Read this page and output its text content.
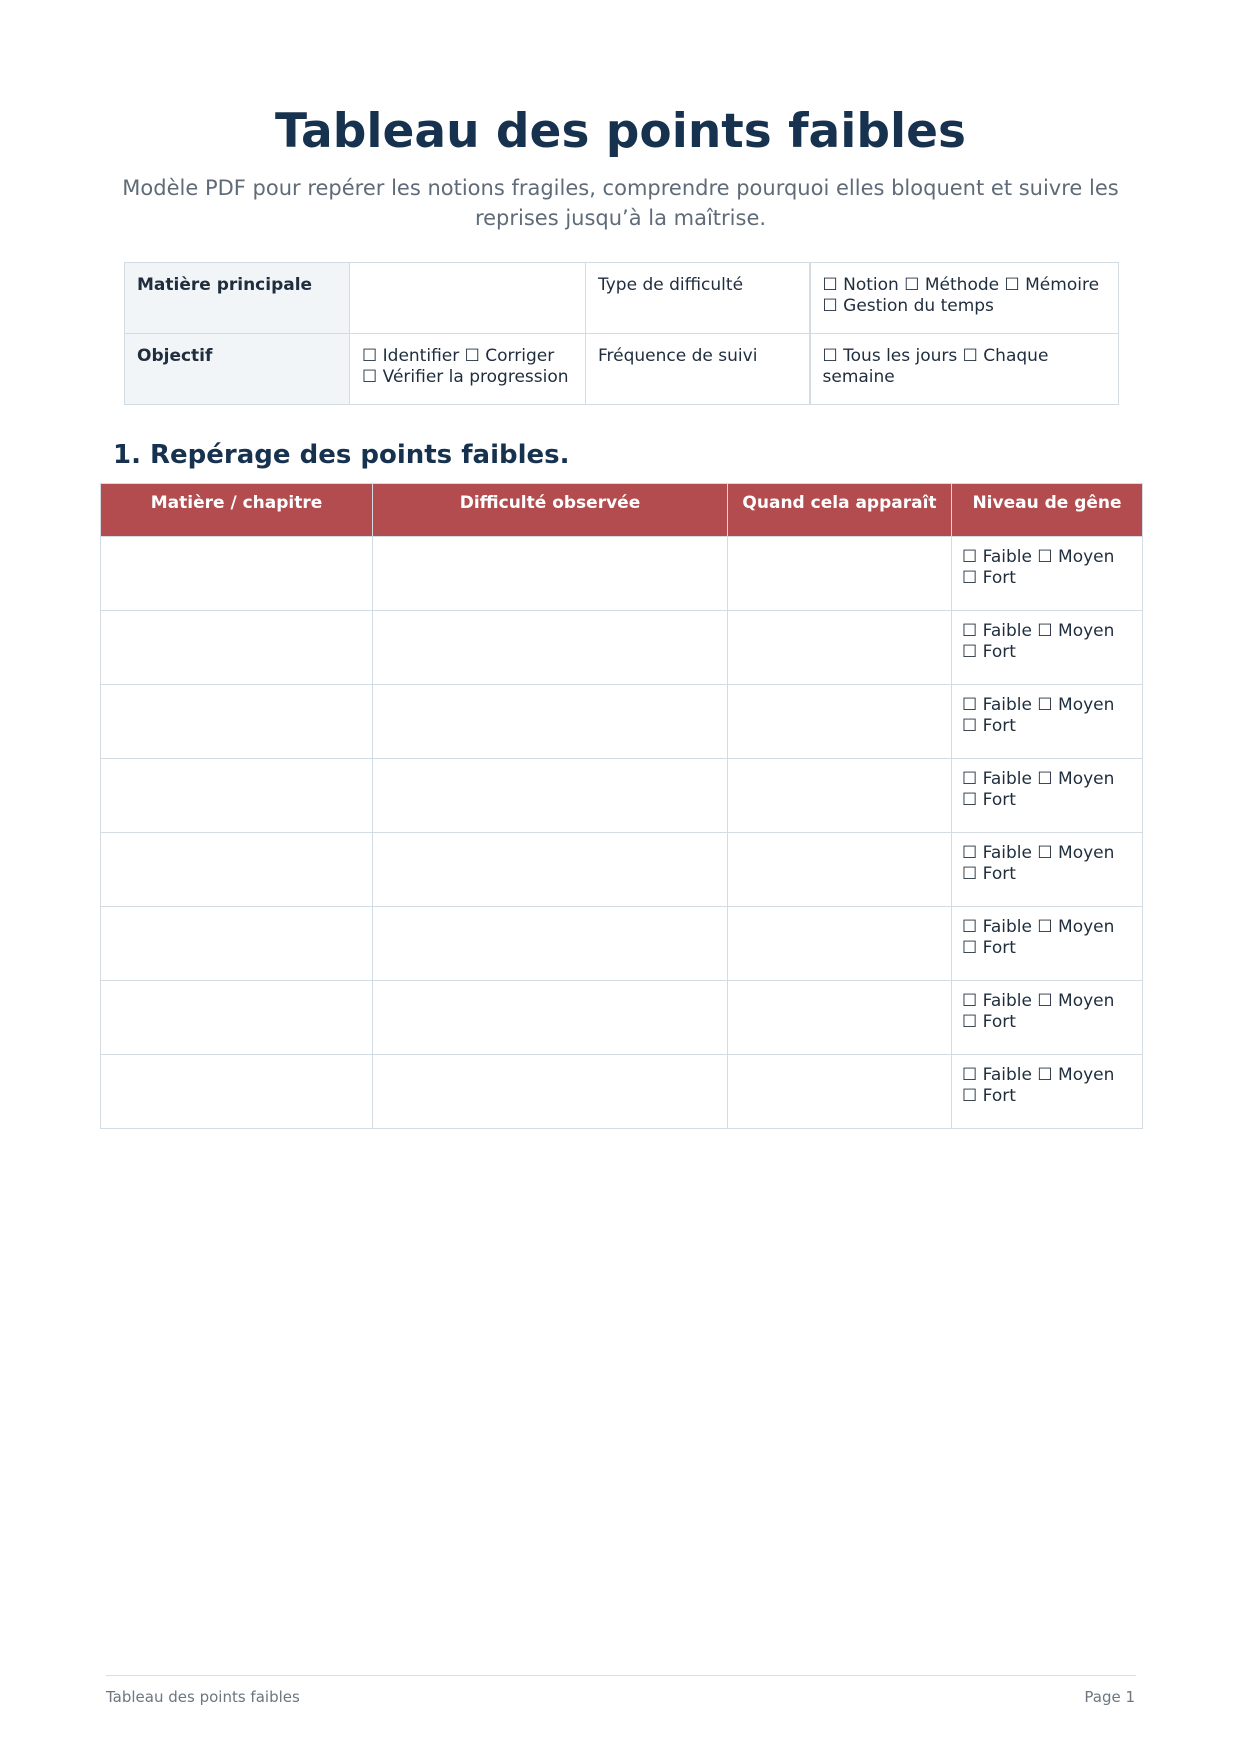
Tableau des points faibles

Modèle PDF pour repérer les notions fragiles, comprendre pourquoi elles bloquent et suivre les reprises jusqu’à la maîtrise.

Matière principale		Type de difficulté	☐ Notion ☐ Méthode ☐ Mémoire ☐ Gestion du temps
Objectif	☐ Identifier ☐ Corriger ☐ Vérifier la progression	Fréquence de suivi	☐ Tous les jours ☐ Chaque semaine
1. Repérage des points faibles.
Matière / chapitre	Difficulté observée	Quand cela apparaît	Niveau de gêne
			☐ Faible ☐ Moyen ☐ Fort
			☐ Faible ☐ Moyen ☐ Fort
			☐ Faible ☐ Moyen ☐ Fort
			☐ Faible ☐ Moyen ☐ Fort
			☐ Faible ☐ Moyen ☐ Fort
			☐ Faible ☐ Moyen ☐ Fort
			☐ Faible ☐ Moyen ☐ Fort
			☐ Faible ☐ Moyen ☐ Fort
Tableau des points faibles	Page 1
